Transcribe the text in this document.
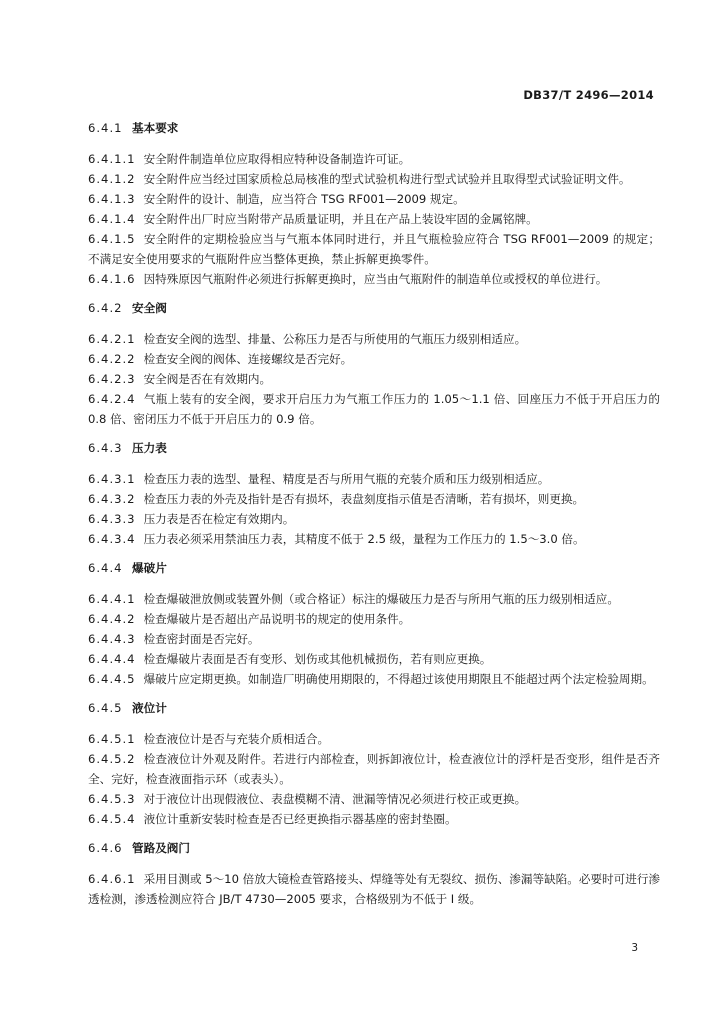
DB37/T 2496—2014
6.4.1 基本要求

6.4.1.1 安全附件制造单位应取得相应特种设备制造许可证。

6.4.1.2 安全附件应当经过国家质检总局核准的型式试验机构进行型式试验并且取得型式试验证明文件。

6.4.1.3 安全附件的设计、制造，应当符合 TSG RF001—2009 规定。

6.4.1.4 安全附件出厂时应当附带产品质量证明，并且在产品上装设牢固的金属铭牌。

6.4.1.5 安全附件的定期检验应当与气瓶本体同时进行，并且气瓶检验应符合 TSG RF001—2009 的规定；不满足安全使用要求的气瓶附件应当整体更换，禁止拆解更换零件。

6.4.1.6 因特殊原因气瓶附件必须进行拆解更换时，应当由气瓶附件的制造单位或授权的单位进行。

6.4.2 安全阀

6.4.2.1 检查安全阀的选型、排量、公称压力是否与所使用的气瓶压力级别相适应。

6.4.2.2 检查安全阀的阀体、连接螺纹是否完好。

6.4.2.3 安全阀是否在有效期内。

6.4.2.4 气瓶上装有的安全阀，要求开启压力为气瓶工作压力的 1.05～1.1 倍、回座压力不低于开启压力的 0.8 倍、密闭压力不低于开启压力的 0.9 倍。

6.4.3 压力表

6.4.3.1 检查压力表的选型、量程、精度是否与所用气瓶的充装介质和压力级别相适应。

6.4.3.2 检查压力表的外壳及指针是否有损坏，表盘刻度指示值是否清晰，若有损坏，则更换。

6.4.3.3 压力表是否在检定有效期内。

6.4.3.4 压力表必须采用禁油压力表，其精度不低于 2.5 级，量程为工作压力的 1.5～3.0 倍。

6.4.4 爆破片

6.4.4.1 检查爆破泄放侧或装置外侧（或合格证）标注的爆破压力是否与所用气瓶的压力级别相适应。

6.4.4.2 检查爆破片是否超出产品说明书的规定的使用条件。

6.4.4.3 检查密封面是否完好。

6.4.4.4 检查爆破片表面是否有变形、划伤或其他机械损伤，若有则应更换。

6.4.4.5 爆破片应定期更换。如制造厂明确使用期限的，不得超过该使用期限且不能超过两个法定检验周期。

6.4.5 液位计

6.4.5.1 检查液位计是否与充装介质相适合。

6.4.5.2 检查液位计外观及附件。若进行内部检查，则拆卸液位计，检查液位计的浮杆是否变形，组件是否齐全、完好，检查液面指示环（或表头）。

6.4.5.3 对于液位计出现假液位、表盘模糊不清、泄漏等情况必须进行校正或更换。

6.4.5.4 液位计重新安装时检查是否已经更换指示器基座的密封垫圈。

6.4.6 管路及阀门

6.4.6.1 采用目测或 5～10 倍放大镜检查管路接头、焊缝等处有无裂纹、损伤、渗漏等缺陷。必要时可进行渗透检测，渗透检测应符合 JB/T 4730—2005 要求，合格级别为不低于 I 级。

3
